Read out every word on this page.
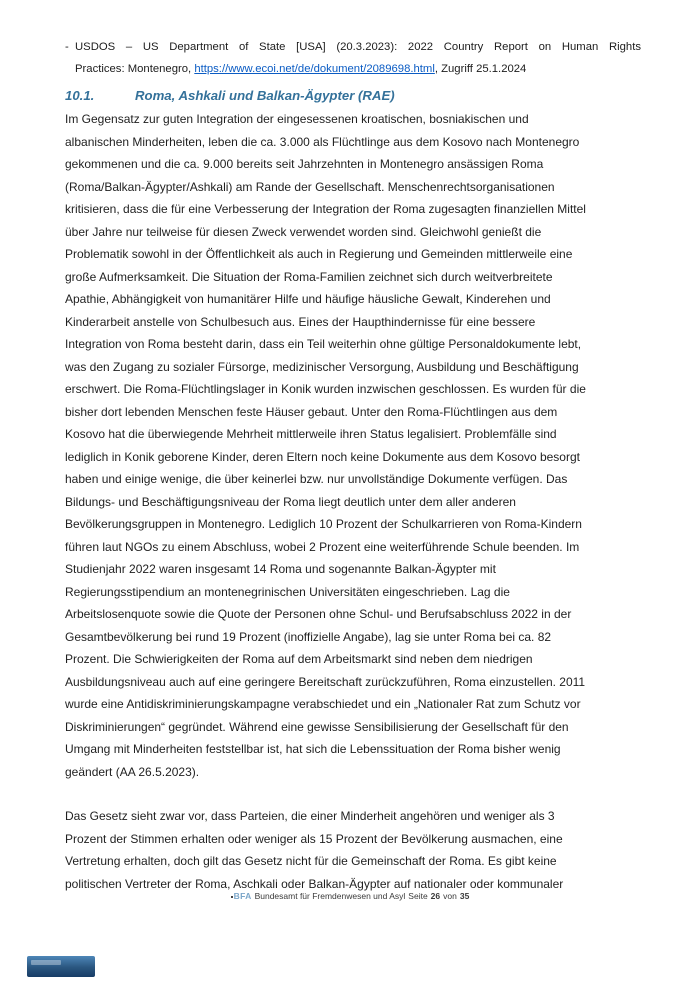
- USDOS – US Department of State [USA] (20.3.2023): 2022 Country Report on Human Rights
Practices: Montenegro, https://www.ecoi.net/de/dokument/2089698.html, Zugriff 25.1.2024
10.1.	Roma, Ashkali und Balkan-Ägypter (RAE)
Im Gegensatz zur guten Integration der eingesessenen kroatischen, bosniakischen und
albanischen Minderheiten, leben die ca. 3.000 als Flüchtlinge aus dem Kosovo nach Montenegro
gekommenen und die ca. 9.000 bereits seit Jahrzehnten in Montenegro ansässigen Roma
(Roma/Balkan-Ägypter/Ashkali) am Rande der Gesellschaft. Menschenrechtsorganisationen
kritisieren, dass die für eine Verbesserung der Integration der Roma zugesagten finanziellen Mittel
über Jahre nur teilweise für diesen Zweck verwendet worden sind. Gleichwohl genießt die
Problematik sowohl in der Öffentlichkeit als auch in Regierung und Gemeinden mittlerweile eine
große Aufmerksamkeit. Die Situation der Roma-Familien zeichnet sich durch weitverbreitete
Apathie, Abhängigkeit von humanitärer Hilfe und häufige häusliche Gewalt, Kinderehen und
Kinderarbeit anstelle von Schulbesuch aus. Eines der Haupthindernisse für eine bessere
Integration von Roma besteht darin, dass ein Teil weiterhin ohne gültige Personaldokumente lebt,
was den Zugang zu sozialer Fürsorge, medizinischer Versorgung, Ausbildung und Beschäftigung
erschwert. Die Roma-Flüchtlingslager in Konik wurden inzwischen geschlossen. Es wurden für die
bisher dort lebenden Menschen feste Häuser gebaut. Unter den Roma-Flüchtlingen aus dem
Kosovo hat die überwiegende Mehrheit mittlerweile ihren Status legalisiert. Problemfälle sind
lediglich in Konik geborene Kinder, deren Eltern noch keine Dokumente aus dem Kosovo besorgt
haben und einige wenige, die über keinerlei bzw. nur unvollständige Dokumente verfügen. Das
Bildungs- und Beschäftigungsniveau der Roma liegt deutlich unter dem aller anderen
Bevölkerungsgruppen in Montenegro. Lediglich 10 Prozent der Schulkarrieren von Roma-Kindern
führen laut NGOs zu einem Abschluss, wobei 2 Prozent eine weiterführende Schule beenden. Im
Studienjahr 2022 waren insgesamt 14 Roma und sogenannte Balkan-Ägypter mit
Regierungsstipendium an montenegrinischen Universitäten eingeschrieben. Lag die
Arbeitslosenquote sowie die Quote der Personen ohne Schul- und Berufsabschluss 2022 in der
Gesamtbevölkerung bei rund 19 Prozent (inoffizielle Angabe), lag sie unter Roma bei ca. 82
Prozent. Die Schwierigkeiten der Roma auf dem Arbeitsmarkt sind neben dem niedrigen
Ausbildungsniveau auch auf eine geringere Bereitschaft zurückzuführen, Roma einzustellen. 2011
wurde eine Antidiskriminierungskampagne verabschiedet und ein „Nationaler Rat zum Schutz vor
Diskriminierungen“ gegründet. Während eine gewisse Sensibilisierung der Gesellschaft für den
Umgang mit Minderheiten feststellbar ist, hat sich die Lebenssituation der Roma bisher wenig
geändert (AA 26.5.2023).
Das Gesetz sieht zwar vor, dass Parteien, die einer Minderheit angehören und weniger als 3
Prozent der Stimmen erhalten oder weniger als 15 Prozent der Bevölkerung ausmachen, eine
Vertretung erhalten, doch gilt das Gesetz nicht für die Gemeinschaft der Roma. Es gibt keine
politischen Vertreter der Roma, Aschkali oder Balkan-Ägypter auf nationaler oder kommunaler
BFA Bundesamt für Fremdenwesen und Asyl Seite 26 von 35
